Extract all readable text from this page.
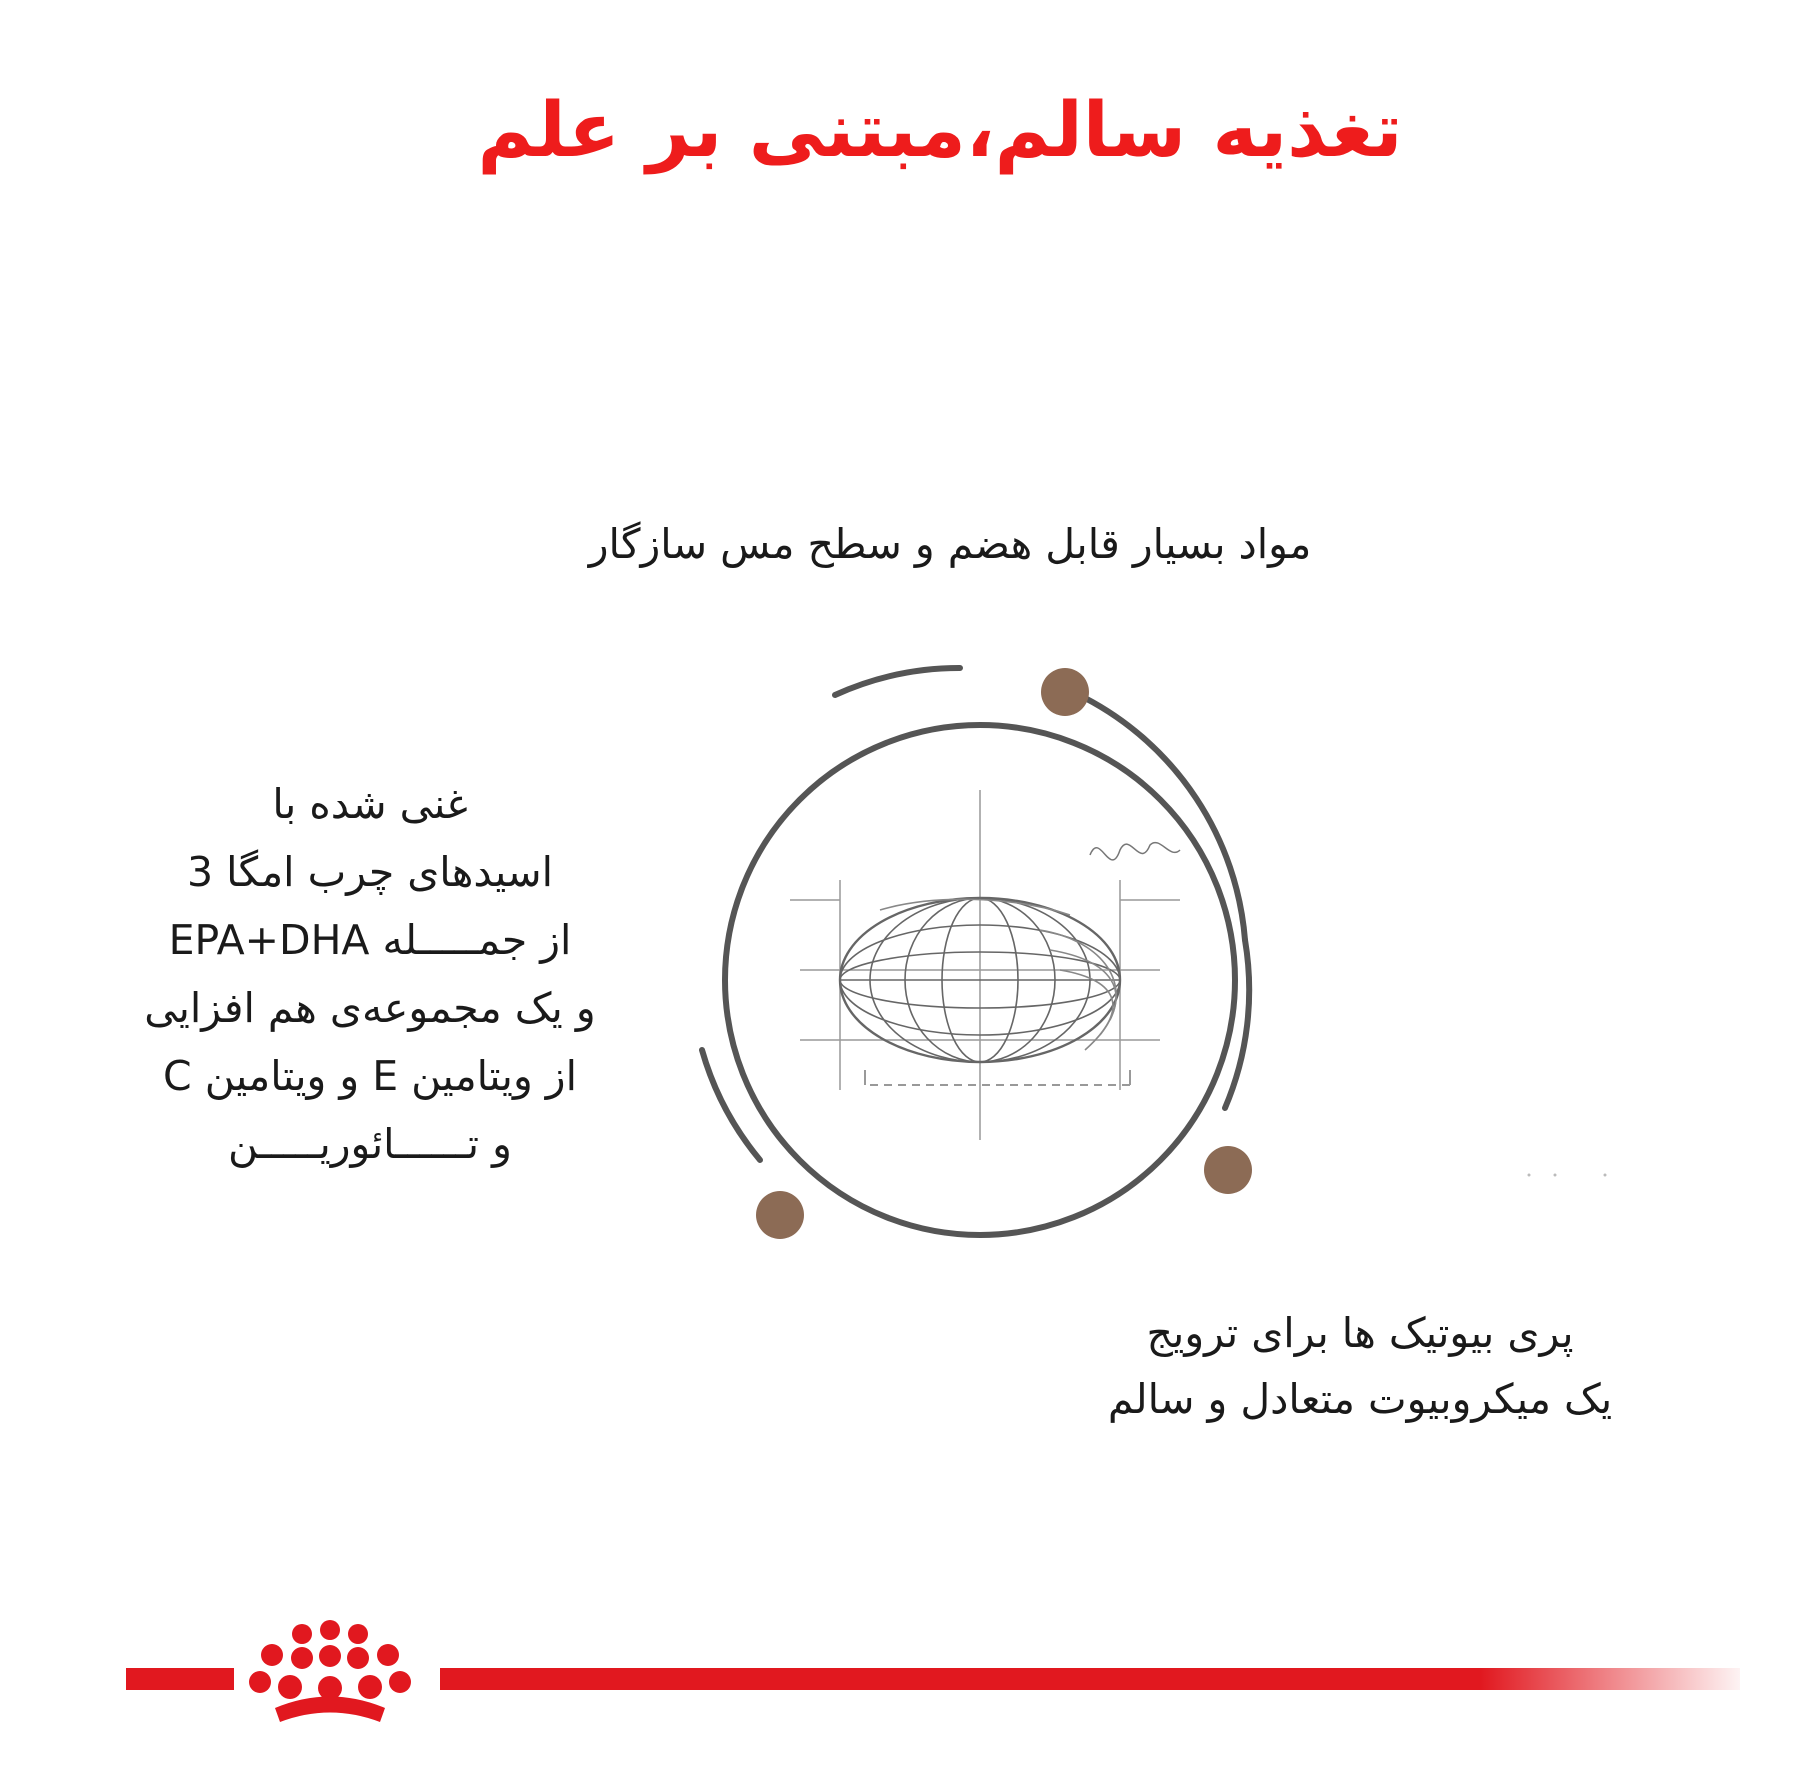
تغذیه سالم،مبتنی بر علم
مواد بسیار قابل هضم و سطح مس سازگار
غنی شده با
اسیدهای چرب امگا 3
از جمـــــله EPA+DHA
و یک مجموعه‌ی هم افزایی
از ویتامین E و ویتامین C
و تــــــائوریـــــن
پری بیوتیک ها برای ترویج
یک میکروبیوت متعادل و سالم
